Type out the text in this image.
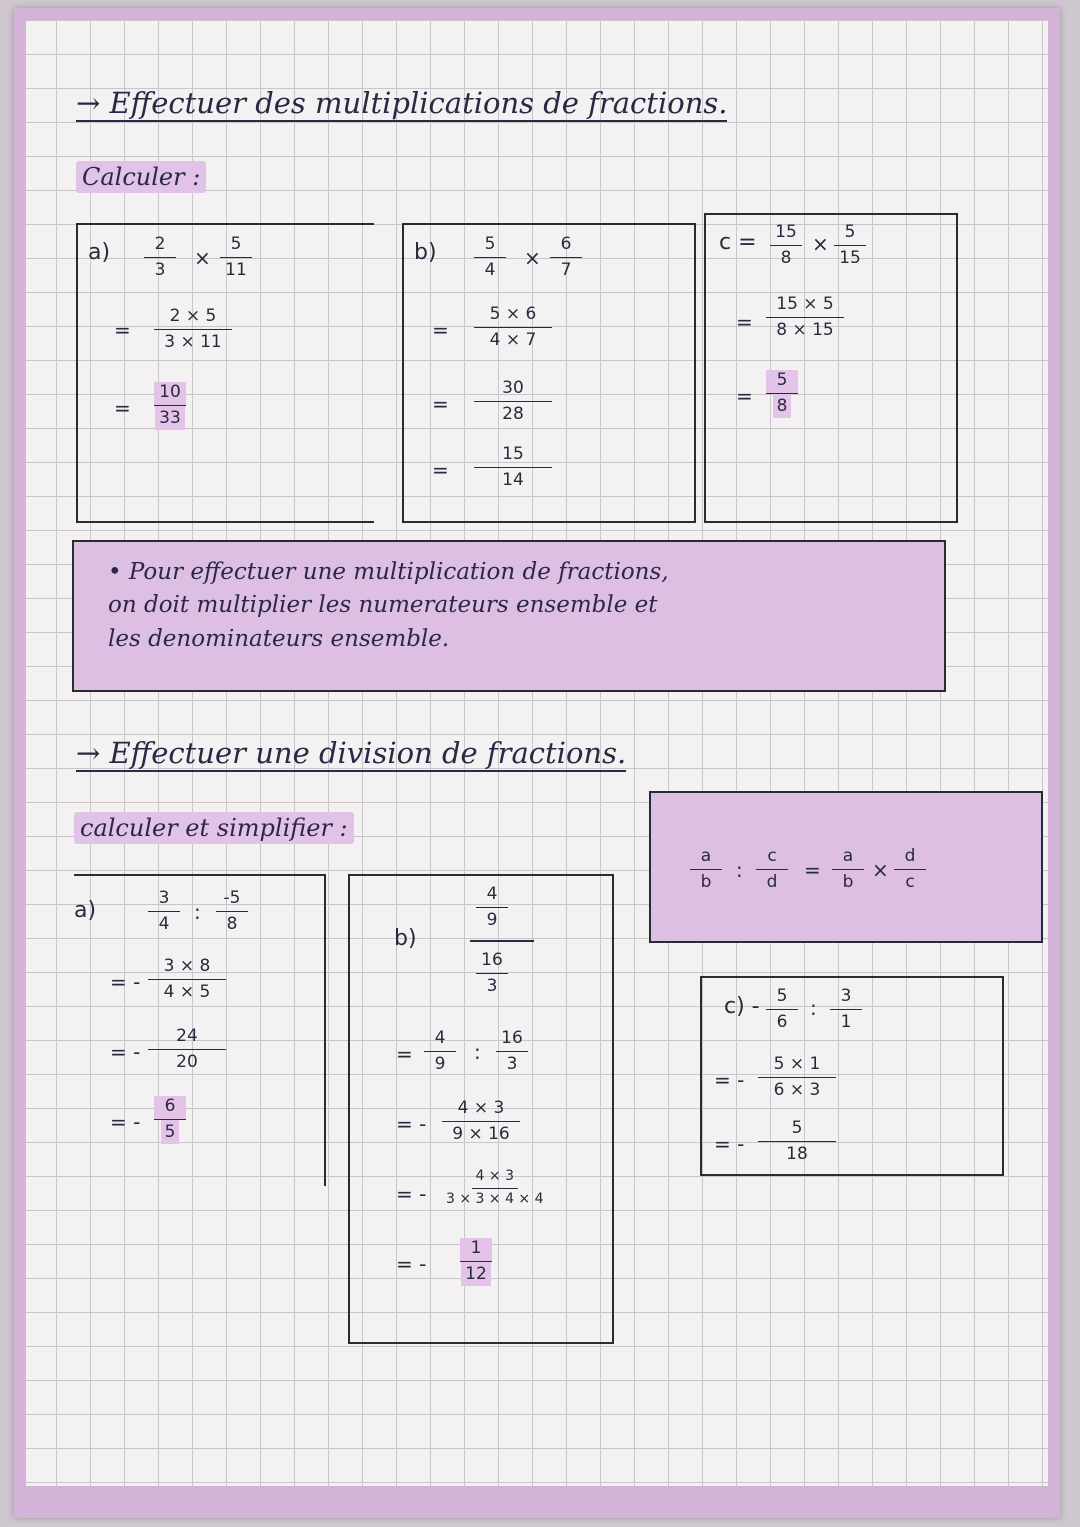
→ Effectuer des multiplications de fractions.
Calculer :
$a) \frac{2}{3} \times \frac{5}{11}$
= $\frac{2 \times 5}{3 \times 11}$
= $\frac{10}{33}$
$b) \frac{5}{4} \times \frac{6}{7}$
= $\frac{5 \times 6}{4 \times 7}$
= $\frac{30}{28}$
= $\frac{15}{14}$
$c = \frac{15}{8} \times \frac{5}{15}$
= $\frac{15 \times 5}{8 \times 15}$
= $\frac{5}{8}$
• Pour effectuer une multiplication de fractions,
on doit multiplier les numerateurs ensemble et
les denominateurs ensemble.
→ Effectuer une division de fractions.
$\frac{a}{b}$ : $\frac{c}{d} = \frac{a}{b} \times \frac{d}{c}$
calculer et simplifier :
a)	$\frac{3}{4}$ : $\frac{-5}{8}$
= - $\frac{3 \times 8}{4 \times 5}$
= - $\frac{24}{20}$
= - $\frac{6}{5}$
b)
$\frac{4}{9}$
$\frac{16}{3}$
= $\frac{4}{9}$ : $\frac{16}{3}$
= - $\frac{4 \times 3}{9 \times 16}$
= - $\frac{4 \times 3}{3 \times 3 \times 4 \times 4}$
= - $\frac{1}{12}$
$c) - \frac{5}{6}$ : $\frac{3}{1}$
= - $\frac{5 \times 1}{6 \times 3}$
= - $\frac{5}{18}$
